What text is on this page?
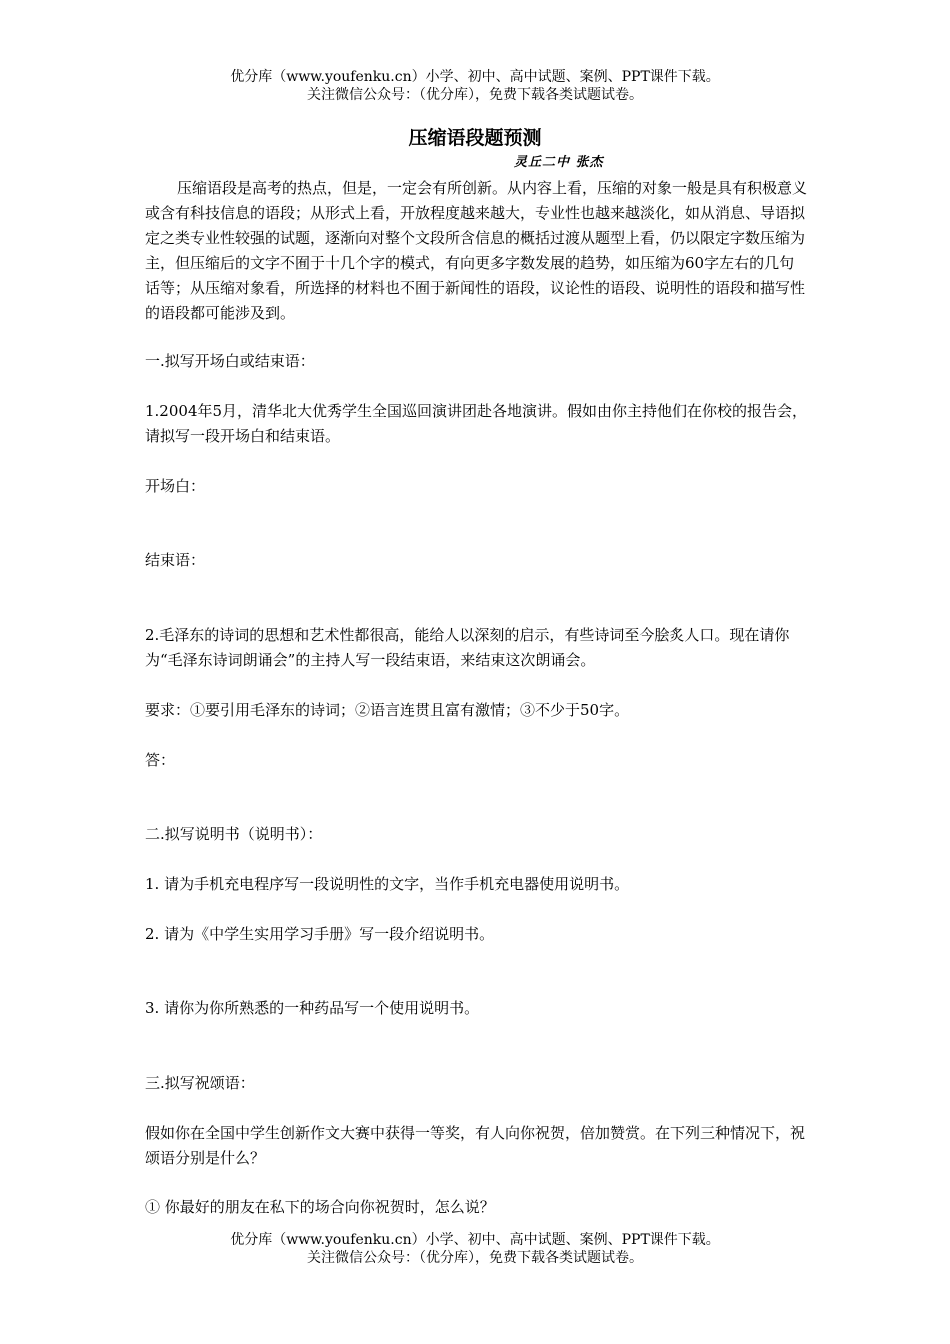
优分库（www.youfenku.cn）小学、初中、高中试题、案例、PPT课件下载。
关注微信公众号：（优分库），免费下载各类试题试卷。
压缩语段题预测
灵丘二中 张杰

压缩语段是高考的热点，但是，一定会有所创新。从内容上看，压缩的对象一般是具有积极意义或含有科技信息的语段；从形式上看，开放程度越来越大，专业性也越来越淡化，如从消息、导语拟定之类专业性较强的试题，逐渐向对整个文段所含信息的概括过渡从题型上看，仍以限定字数压缩为主，但压缩后的文字不囿于十几个字的模式，有向更多字数发展的趋势，如压缩为60字左右的几句话等；从压缩对象看，所选择的材料也不囿于新闻性的语段，议论性的语段、说明性的语段和描写性的语段都可能涉及到。

一.拟写开场白或结束语：
1.2004年5月，清华北大优秀学生全国巡回演讲团赴各地演讲。假如由你主持他们在你校的报告会，请拟写一段开场白和结束语。
开场白：
结束语：
2.毛泽东的诗词的思想和艺术性都很高，能给人以深刻的启示，有些诗词至今脍炙人口。现在请你为“毛泽东诗词朗诵会”的主持人写一段结束语，来结束这次朗诵会。
要求：①要引用毛泽东的诗词；②语言连贯且富有激情；③不少于50字。
答：
二.拟写说明书（说明书）：
1. 请为手机充电程序写一段说明性的文字，当作手机充电器使用说明书。
2. 请为《中学生实用学习手册》写一段介绍说明书。
3. 请你为你所熟悉的一种药品写一个使用说明书。
三.拟写祝颂语：
假如你在全国中学生创新作文大赛中获得一等奖，有人向你祝贺，倍加赞赏。在下列三种情况下，祝颂语分别是什么？
① 你最好的朋友在私下的场合向你祝贺时，怎么说？
优分库（www.youfenku.cn）小学、初中、高中试题、案例、PPT课件下载。
关注微信公众号：（优分库），免费下载各类试题试卷。
